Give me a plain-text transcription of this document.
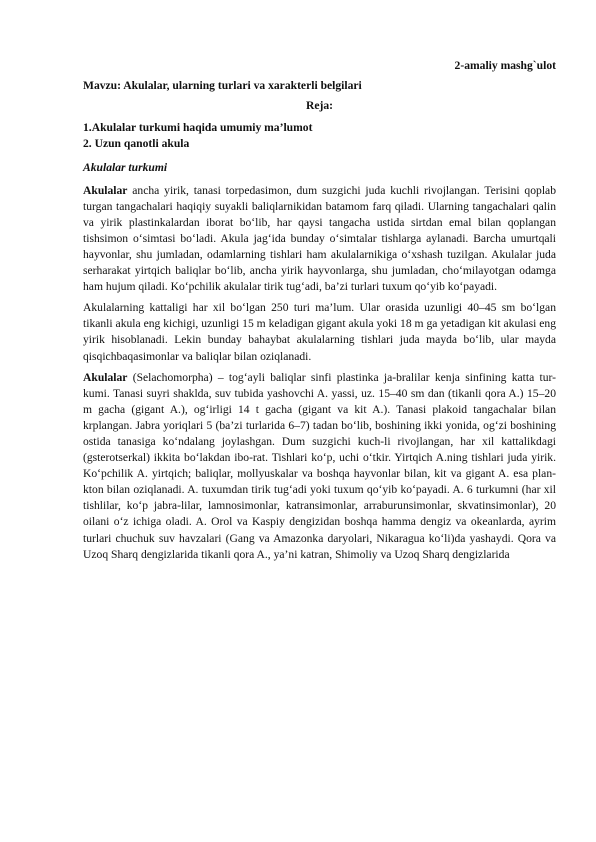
2-amaliy mashg`ulot
Mavzu: Akulalar, ularning turlari va xarakterli belgilari
Reja:
1.Akulalar turkumi haqida umumiy ma’lumot
2. Uzun qanotli akula
Akulalar turkumi

Akulalar ancha yirik, tanasi torpedasimon, dum suzgichi juda kuchli rivojlangan. Terisini qoplab turgan tangachalari haqiqiy suyakli baliqlarnikidan batamom farq qiladi. Ularning tangachalari qalin va yirik plastinkalardan iborat bo‘lib, har qaysi tangacha ustida sirtdan emal bilan qoplangan tishsimon o‘simtasi bo‘ladi. Akula jag‘ida bunday o‘simtalar tishlarga aylanadi. Barcha umurtqali hayvonlar, shu jumladan, odamlarning tishlari ham akulalarnikiga o‘xshash tuzilgan. Akulalar juda serharakat yirtqich baliqlar bo‘lib, ancha yirik hayvonlarga, shu jumladan, cho‘milayotgan odamga ham hujum qiladi. Ko‘pchilik akulalar tirik tug‘adi, ba’zi turlari tuxum qo‘yib ko‘payadi.

Akulalarning kattaligi har xil bo‘lgan 250 turi ma’lum. Ular orasida uzunligi 40–45 sm bo‘lgan tikanli akula eng kichigi, uzunligi 15 m keladigan gigant akula yoki 18 m ga yetadigan kit akulasi eng yirik hisoblanadi. Lekin bunday bahaybat akulalarning tishlari juda mayda bo‘lib, ular mayda qisqichbaqasimonlar va baliqlar bilan oziqlanadi.

Akulalar (Selachomorpha) – tog‘ayli baliqlar sinfi plastinka ja-bralilar kenja sinfining katta tur-kumi. Tanasi suyri shaklda, suv tubida yashovchi A. yassi, uz. 15–40 sm dan (tikanli qora A.) 15–20 m gacha (gigant A.), og‘irligi 14 t gacha (gigant va kit A.). Tanasi plakoid tangachalar bilan krplangan. Jabra yoriqlari 5 (ba’zi turlarida 6–7) tadan bo‘lib, boshining ikki yonida, og‘zi boshining ostida tanasiga ko‘ndalang joylashgan. Dum suzgichi kuch-li rivojlangan, har xil kattalikdagi (gsterotserkal) ikkita bo‘lakdan ibo-rat. Tishlari ko‘p, uchi o‘tkir. Yirtqich A.ning tishlari juda yirik. Ko‘pchilik A. yirtqich; baliqlar, mollyuskalar va boshqa hayvonlar bilan, kit va gigant A. esa plan-kton bilan oziqlanadi. A. tuxumdan tirik tug‘adi yoki tuxum qo‘yib ko‘payadi. A. 6 turkumni (har xil tishlilar, ko‘p jabra-lilar, lamnosimonlar, katransimonlar, arraburunsimonlar, skvatinsimonlar), 20 oilani o‘z ichiga oladi. A. Orol va Kaspiy dengizidan boshqa hamma dengiz va okeanlarda, ayrim turlari chuchuk suv havzalari (Gang va Amazonka daryolari, Nikaragua ko‘li)da yashaydi. Qora va Uzoq Sharq dengizlarida tikanli qora A., ya’ni katran, Shimoliy va Uzoq Sharq dengizlarida
